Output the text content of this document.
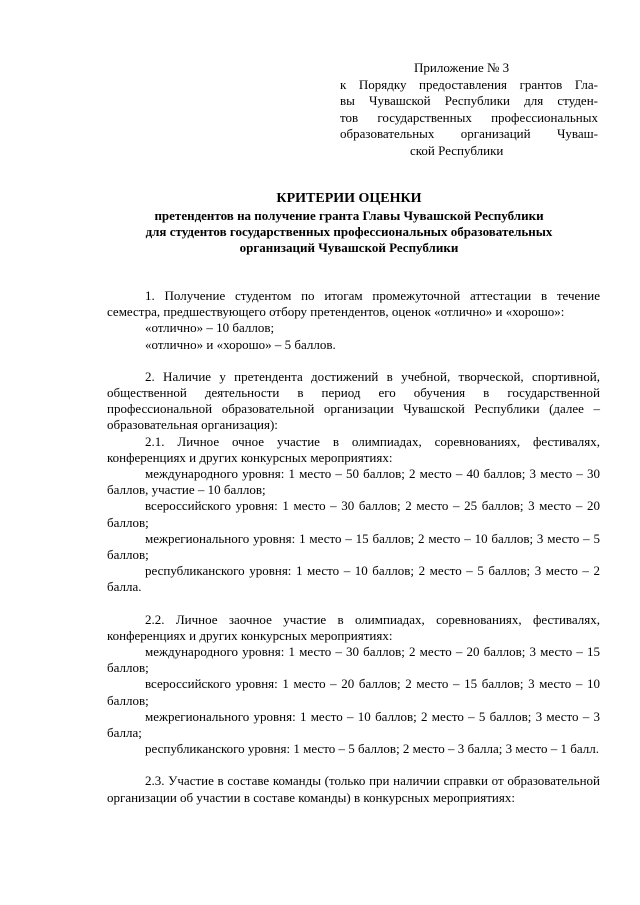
Приложение № 3
к Порядку предоставления грантов Гла-
вы Чувашской Республики для студен-
тов государственных профессиональных
образовательных организаций Чуваш-
ской Республики
КРИТЕРИИ ОЦЕНКИ
претендентов на получение гранта Главы Чувашской Республики
для студентов государственных профессиональных образовательных
организаций Чувашской Республики

1. Получение студентом по итогам промежуточной аттестации в течение семестра, предшествующего отбору претендентов, оценок «отлично» и «хорошо»:

«отлично» – 10 баллов;

«отлично» и «хорошо» – 5 баллов.

2. Наличие у претендента достижений в учебной, творческой, спортивной, общественной деятельности в период его обучения в государственной профессиональной образовательной организации Чувашской Республики (далее – образовательная организация):

2.1. Личное очное участие в олимпиадах, соревнованиях, фестивалях, конференциях и других конкурсных мероприятиях:

международного уровня: 1 место – 50 баллов; 2 место – 40 баллов; 3 место – 30 баллов, участие – 10 баллов;

всероссийского уровня: 1 место – 30 баллов; 2 место – 25 баллов; 3 место – 20 баллов;

межрегионального уровня: 1 место – 15 баллов; 2 место – 10 баллов; 3 место – 5 баллов;

республиканского уровня: 1 место – 10 баллов; 2 место – 5 баллов; 3 место – 2 балла.

2.2. Личное заочное участие в олимпиадах, соревнованиях, фестивалях, конференциях и других конкурсных мероприятиях:

международного уровня: 1 место – 30 баллов; 2 место – 20 баллов; 3 место – 15 баллов;

всероссийского уровня: 1 место – 20 баллов; 2 место – 15 баллов; 3 место – 10 баллов;

межрегионального уровня: 1 место – 10 баллов; 2 место – 5 баллов; 3 место – 3 балла;

республиканского уровня: 1 место – 5 баллов; 2 место – 3 балла; 3 место – 1 балл.

2.3. Участие в составе команды (только при наличии справки от образовательной организации об участии в составе команды) в конкурсных мероприятиях:
